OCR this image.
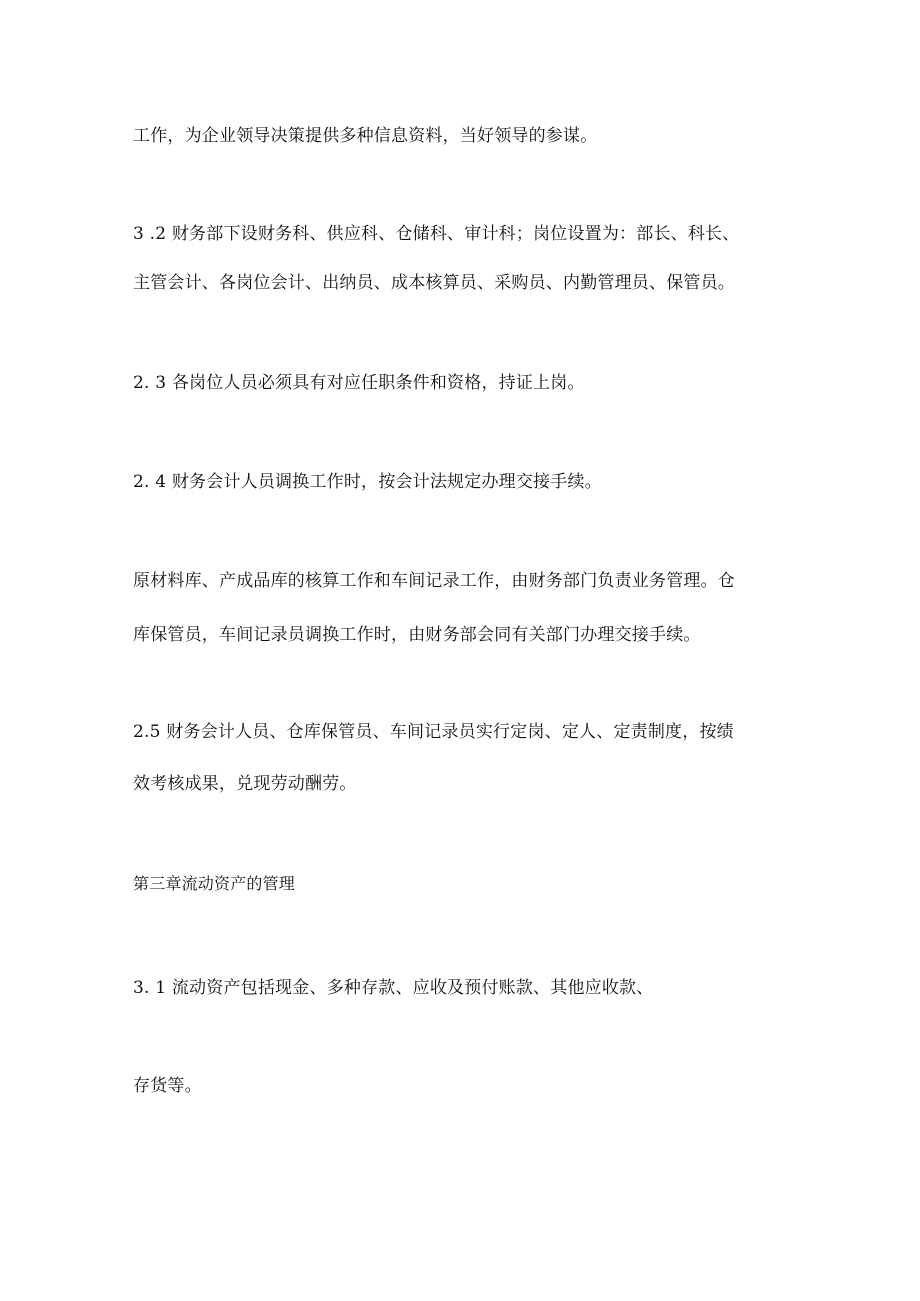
工作，为企业领导决策提供多种信息资料，当好领导的参谋。
3 .2 财务部下设财务科、供应科、仓储科、审计科；岗位设置为：部长、科长、
主管会计、各岗位会计、出纳员、成本核算员、采购员、内勤管理员、保管员。
2. 3 各岗位人员必须具有对应任职条件和资格，持证上岗。
2. 4 财务会计人员调换工作时，按会计法规定办理交接手续。
原材料库、产成品库的核算工作和车间记录工作，由财务部门负责业务管理。仓
库保管员，车间记录员调换工作时，由财务部会同有关部门办理交接手续。
2.5 财务会计人员、仓库保管员、车间记录员实行定岗、定人、定责制度，按绩
效考核成果，兑现劳动酬劳。
第三章流动资产的管理
3. 1 流动资产包括现金、多种存款、应收及预付账款、其他应收款、
存货等。
